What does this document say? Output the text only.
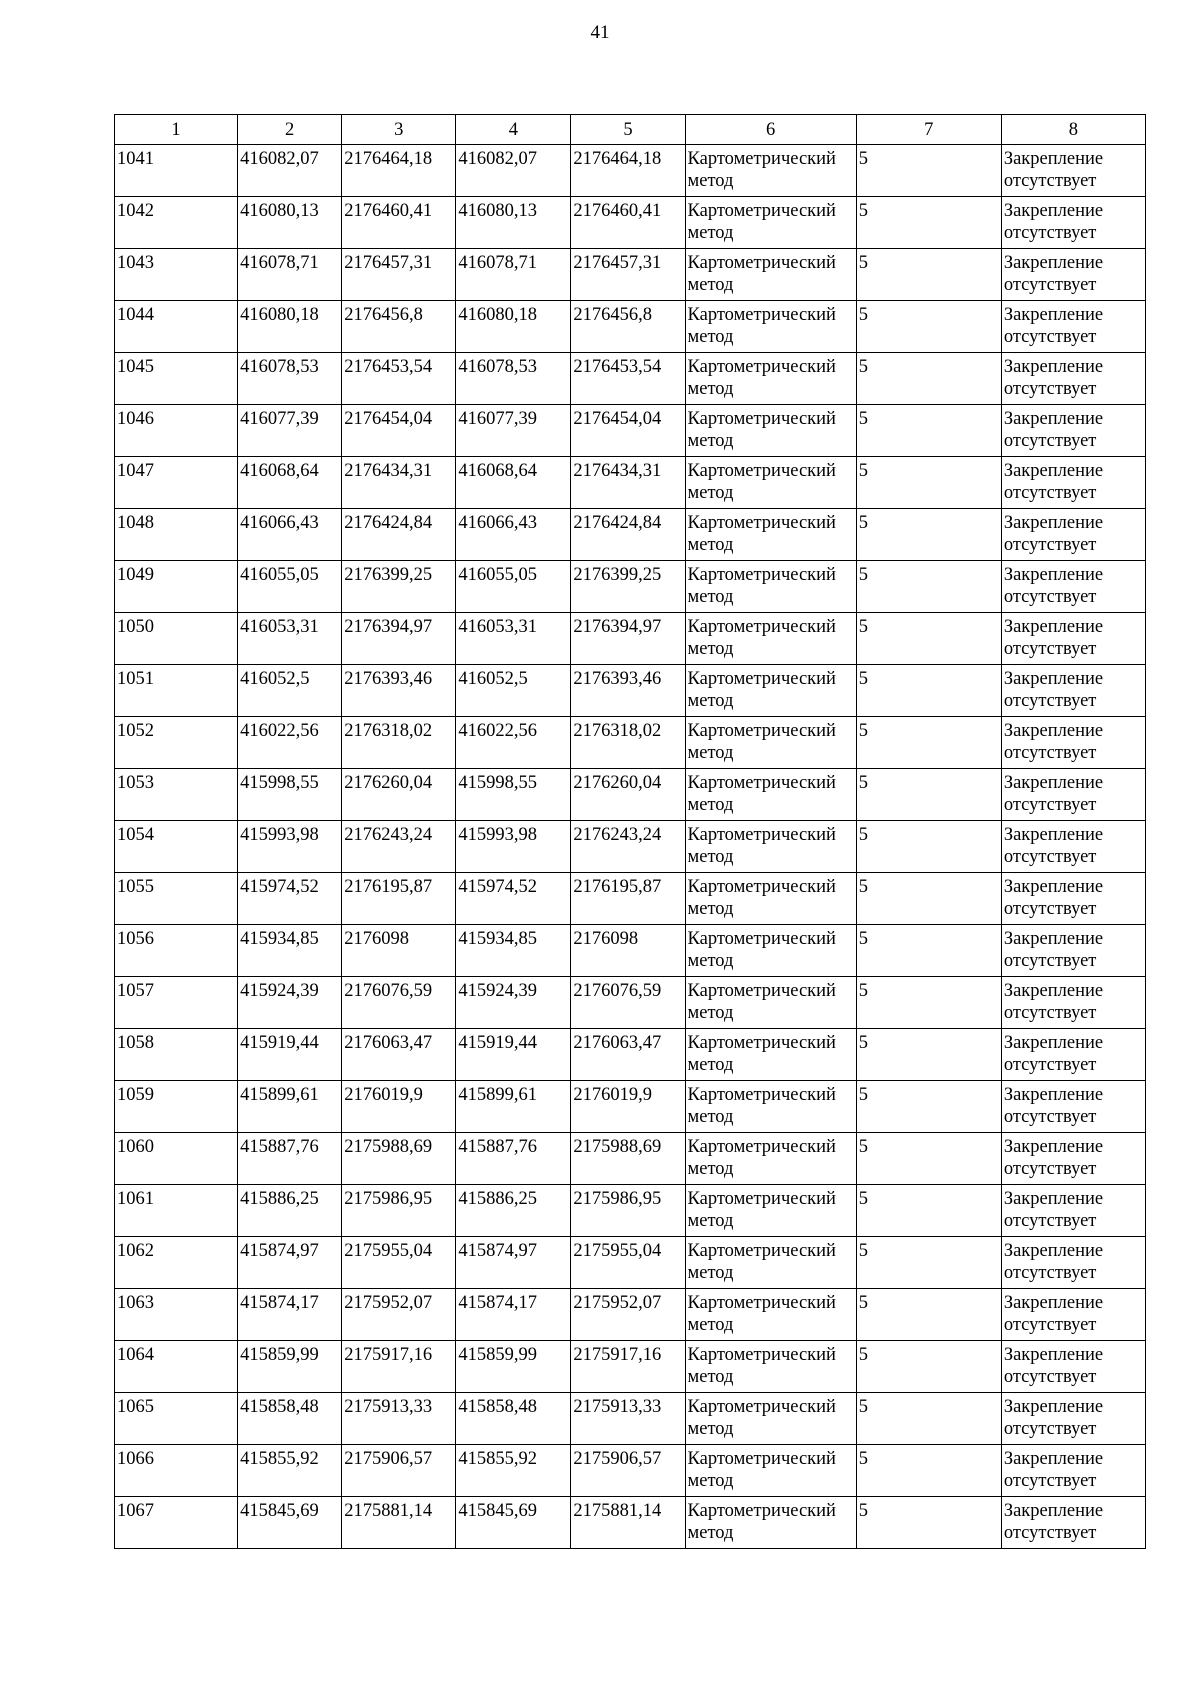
41
1	2	3	4	5	6	7	8
1041	416082,07	2176464,18	416082,07	2176464,18	Картометрический
метод	5	Закрепление
отсутствует

1042	416080,13	2176460,41	416080,13	2176460,41	Картометрический
метод	5	Закрепление
отсутствует

1043	416078,71	2176457,31	416078,71	2176457,31	Картометрический
метод	5	Закрепление
отсутствует

1044	416080,18	2176456,8	416080,18	2176456,8	Картометрический
метод	5	Закрепление
отсутствует

1045	416078,53	2176453,54	416078,53	2176453,54	Картометрический
метод	5	Закрепление
отсутствует

1046	416077,39	2176454,04	416077,39	2176454,04	Картометрический
метод	5	Закрепление
отсутствует

1047	416068,64	2176434,31	416068,64	2176434,31	Картометрический
метод	5	Закрепление
отсутствует

1048	416066,43	2176424,84	416066,43	2176424,84	Картометрический
метод	5	Закрепление
отсутствует

1049	416055,05	2176399,25	416055,05	2176399,25	Картометрический
метод	5	Закрепление
отсутствует

1050	416053,31	2176394,97	416053,31	2176394,97	Картометрический
метод	5	Закрепление
отсутствует

1051	416052,5	2176393,46	416052,5	2176393,46	Картометрический
метод	5	Закрепление
отсутствует

1052	416022,56	2176318,02	416022,56	2176318,02	Картометрический
метод	5	Закрепление
отсутствует

1053	415998,55	2176260,04	415998,55	2176260,04	Картометрический
метод	5	Закрепление
отсутствует

1054	415993,98	2176243,24	415993,98	2176243,24	Картометрический
метод	5	Закрепление
отсутствует

1055	415974,52	2176195,87	415974,52	2176195,87	Картометрический
метод	5	Закрепление
отсутствует

1056	415934,85	2176098	415934,85	2176098	Картометрический
метод	5	Закрепление
отсутствует

1057	415924,39	2176076,59	415924,39	2176076,59	Картометрический
метод	5	Закрепление
отсутствует

1058	415919,44	2176063,47	415919,44	2176063,47	Картометрический
метод	5	Закрепление
отсутствует

1059	415899,61	2176019,9	415899,61	2176019,9	Картометрический
метод	5	Закрепление
отсутствует

1060	415887,76	2175988,69	415887,76	2175988,69	Картометрический
метод	5	Закрепление
отсутствует

1061	415886,25	2175986,95	415886,25	2175986,95	Картометрический
метод	5	Закрепление
отсутствует

1062	415874,97	2175955,04	415874,97	2175955,04	Картометрический
метод	5	Закрепление
отсутствует

1063	415874,17	2175952,07	415874,17	2175952,07	Картометрический
метод	5	Закрепление
отсутствует

1064	415859,99	2175917,16	415859,99	2175917,16	Картометрический
метод	5	Закрепление
отсутствует

1065	415858,48	2175913,33	415858,48	2175913,33	Картометрический
метод	5	Закрепление
отсутствует

1066	415855,92	2175906,57	415855,92	2175906,57	Картометрический
метод	5	Закрепление
отсутствует

1067	415845,69	2175881,14	415845,69	2175881,14	Картометрический
метод	5	Закрепление
отсутствует
